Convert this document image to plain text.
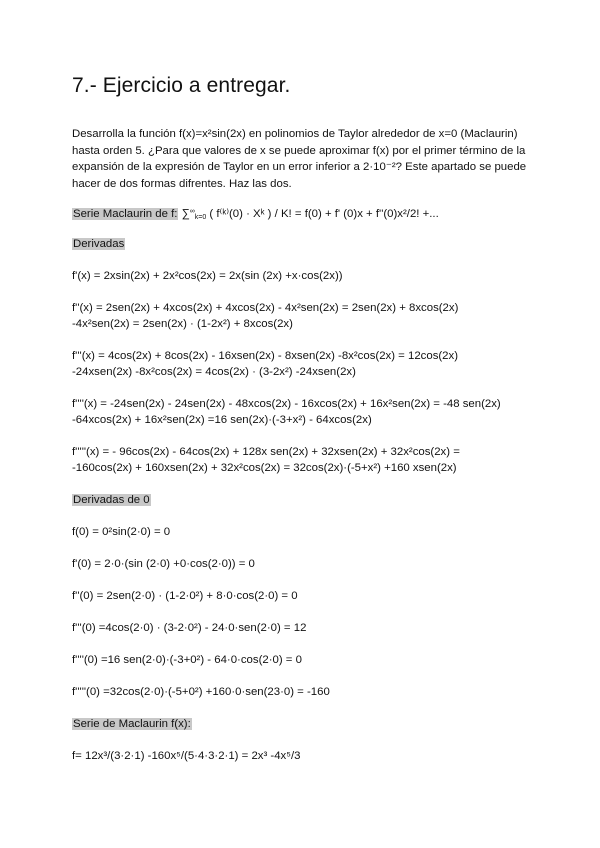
7.- Ejercicio a entregar.

Desarrolla la función f(x)=x²sin(2x) en polinomios de Taylor alrededor de x=0 (Maclaurin) hasta orden 5. ¿Para que valores de x se puede aproximar f(x) por el primer término de la expansión de la expresión de Taylor en un error inferior a 2·10⁻²? Este apartado se puede hacer de dos formas difrentes. Haz las dos.

Serie Maclaurin de f: $\sum^\infty_{k=0}$ ( f⁽ᵏ⁾(0) · Xᵏ ) / K! = f(0) + f' (0)x + f''(0)x²/2! +...
Derivadas
f'(x) = 2xsin(2x) + 2x²cos(2x) = 2x(sin (2x) +x·cos(2x))
f''(x) = 2sen(2x) + 4xcos(2x) + 4xcos(2x) - 4x²sen(2x) = 2sen(2x) + 8xcos(2x)
-4x²sen(2x) = 2sen(2x) · (1-2x²) + 8xcos(2x)
f'''(x) = 4cos(2x) + 8cos(2x) - 16xsen(2x) - 8xsen(2x) -8x²cos(2x) = 12cos(2x)
-24xsen(2x) -8x²cos(2x) = 4cos(2x) · (3-2x²) -24xsen(2x)
f''''(x) = -24sen(2x) - 24sen(2x) - 48xcos(2x) - 16xcos(2x) + 16x²sen(2x) = -48 sen(2x)
-64xcos(2x) + 16x²sen(2x) =16 sen(2x)·(-3+x²) - 64xcos(2x)
f'''''(x) = - 96cos(2x) - 64cos(2x) + 128x sen(2x) + 32xsen(2x) + 32x²cos(2x) =
-160cos(2x) + 160xsen(2x) + 32x²cos(2x) = 32cos(2x)·(-5+x²) +160 xsen(2x)
Derivadas de 0
f(0) = 0²sin(2·0) = 0
f'(0) = 2·0·(sin (2·0) +0·cos(2·0)) = 0
f''(0) = 2sen(2·0) · (1-2·0²) + 8·0·cos(2·0) = 0
f'''(0) =4cos(2·0) · (3-2·0²) - 24·0·sen(2·0) = 12
f''''(0) =16 sen(2·0)·(-3+0²) - 64·0·cos(2·0) = 0
f'''''(0) =32cos(2·0)·(-5+0²) +160·0·sen(23·0) = -160
Serie de Maclaurin f(x):
f= 12x³/(3·2·1) -160x⁵/(5·4·3·2·1) = 2x³ -4x⁵/3
